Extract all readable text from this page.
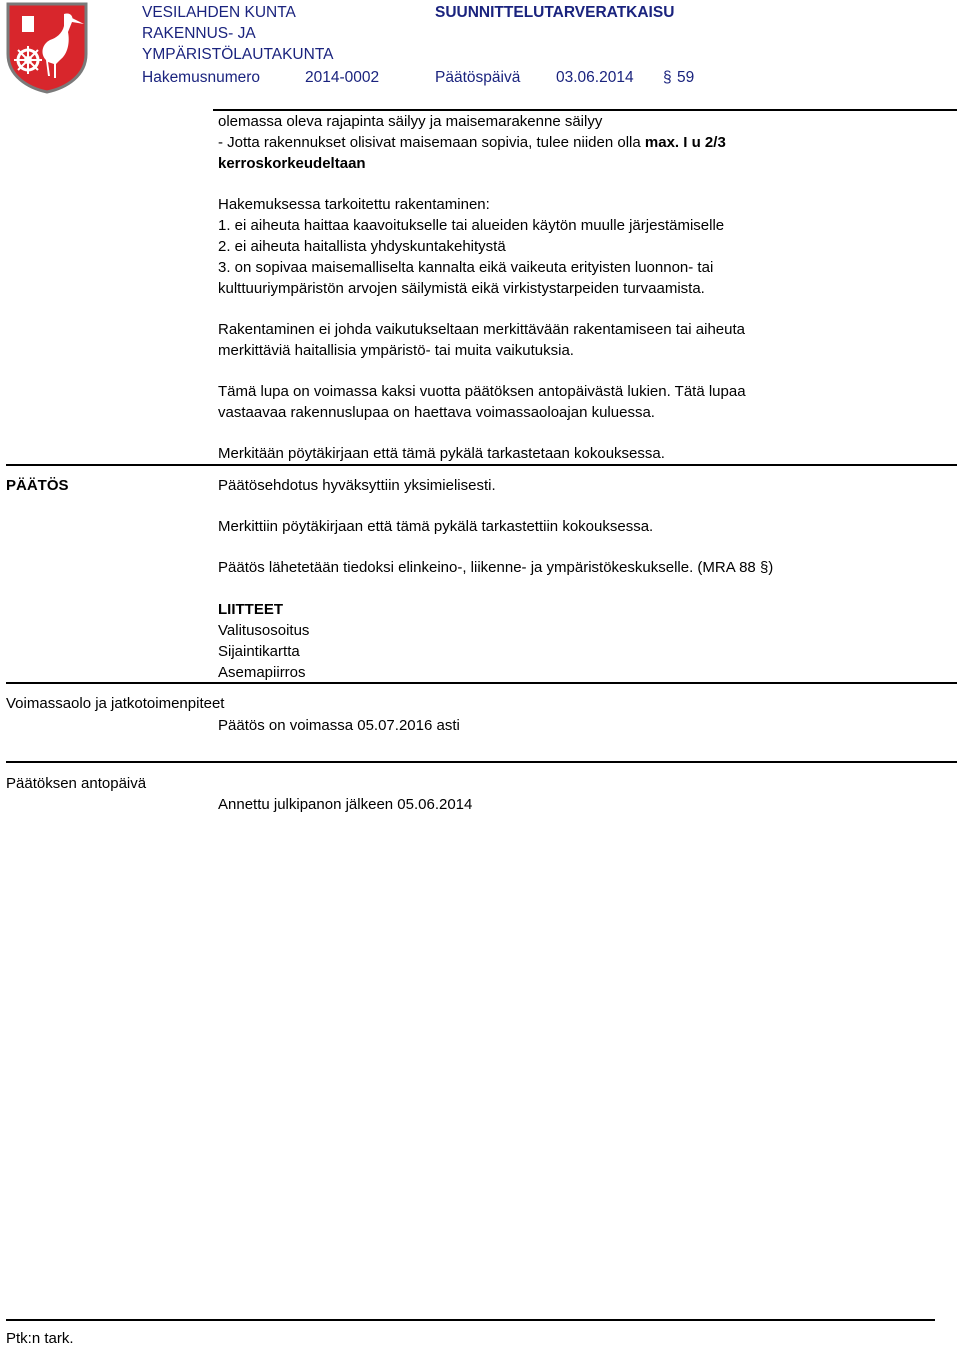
VESILAHDEN KUNTA
RAKENNUS- JA
YMPÄRISTÖLAUTAKUNTA
SUUNNITTELUTARVERATKAISU
Hakemusnumero	2014-0002	Päätöspäivä 03.06.2014 § 59
olemassa oleva rajapinta säilyy ja maisemarakenne säilyy
- Jotta rakennukset olisivat maisemaan sopivia, tulee niiden olla max. I u 2/3
kerroskorkeudeltaan
Hakemuksessa tarkoitettu rakentaminen:
1. ei aiheuta haittaa kaavoitukselle tai alueiden käytön muulle järjestämiselle
2. ei aiheuta haitallista yhdyskuntakehitystä
3. on sopivaa maisemalliselta kannalta eikä vaikeuta erityisten luonnon- tai
kulttuuriympäristön arvojen säilymistä eikä virkistystarpeiden turvaamista.
Rakentaminen ei johda vaikutukseltaan merkittävään rakentamiseen tai aiheuta
merkittäviä haitallisia ympäristö- tai muita vaikutuksia.
Tämä lupa on voimassa kaksi vuotta päätöksen antopäivästä lukien. Tätä lupaa
vastaavaa rakennuslupaa on haettava voimassaoloajan kuluessa.
Merkitään pöytäkirjaan että tämä pykälä tarkastetaan kokouksessa.
PÄÄTÖS	Päätösehdotus hyväksyttiin yksimielisesti.
Merkittiin pöytäkirjaan että tämä pykälä tarkastettiin kokouksessa.
Päätös lähetetään tiedoksi elinkeino-, liikenne- ja ympäristökeskukselle. (MRA 88 §)
LIITTEET
Valitusosoitus
Sijaintikartta
Asemapiirros
Voimassaolo ja jatkotoimenpiteet
Päätös on voimassa 05.07.2016 asti
Päätöksen antopäivä
Annettu julkipanon jälkeen 05.06.2014
Ptk:n tark.
